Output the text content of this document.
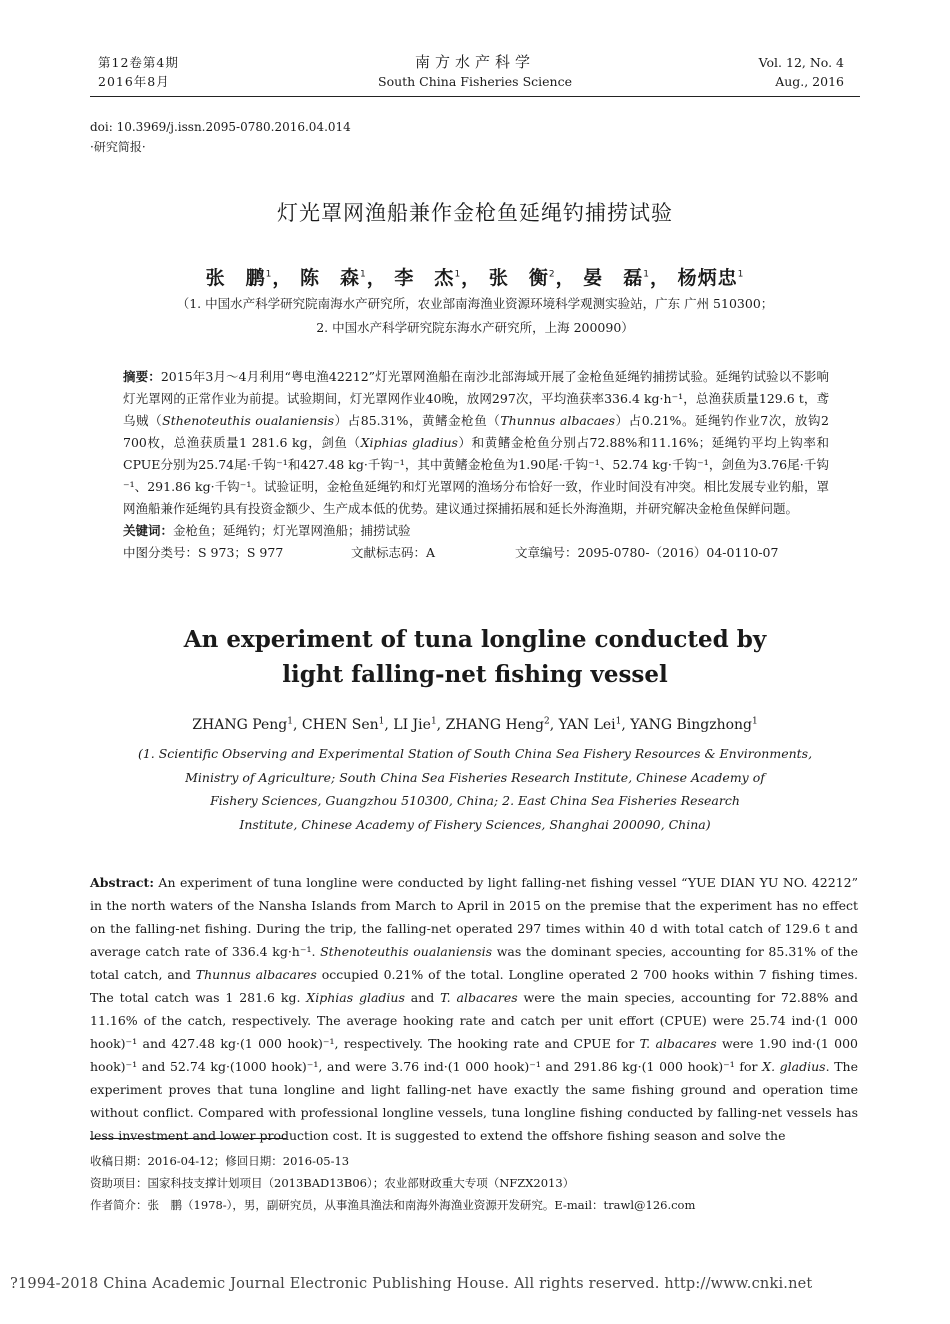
第12卷第4期
2016年8月
南方水产科学
South China Fisheries Science
Vol. 12, No. 4
Aug., 2016
doi: 10.3969/j.issn.2095-0780.2016.04.014
·研究简报·
灯光罩网渔船兼作金枪鱼延绳钓捕捞试验
张　鹏$^1$， 陈　森$^1$， 李　杰$^1$， 张　衡$^2$， 晏　磊$^1$， 杨炳忠$^1$
（1. 中国水产科学研究院南海水产研究所，农业部南海渔业资源环境科学观测实验站，广东 广州 510300；
2. 中国水产科学研究院东海水产研究所，上海 200090）

摘要：2015年3月～4月利用“粤电渔42212”灯光罩网渔船在南沙北部海域开展了金枪鱼延绳钓捕捞试验。延绳钓试验以不影响灯光罩网的正常作业为前提。试验期间，灯光罩网作业40晚，放网297次，平均渔获率336.4 kg·h⁻¹，总渔获质量129.6 t，鸢乌贼（Sthenoteuthis oualaniensis）占85.31%，黄鳍金枪鱼（Thunnus albacaes）占0.21%。延绳钓作业7次，放钩2 700枚，总渔获质量1 281.6 kg，剑鱼（Xiphias gladius）和黄鳍金枪鱼分别占72.88%和11.16%；延绳钓平均上钩率和CPUE分别为25.74尾·千钩⁻¹和427.48 kg·千钩⁻¹，其中黄鳍金枪鱼为1.90尾·千钩⁻¹、52.74 kg·千钩⁻¹，剑鱼为3.76尾·千钩⁻¹、291.86 kg·千钩⁻¹。试验证明，金枪鱼延绳钓和灯光罩网的渔场分布恰好一致，作业时间没有冲突。相比发展专业钓船，罩网渔船兼作延绳钓具有投资金额少、生产成本低的优势。建议通过探捕拓展和延长外海渔期，并研究解决金枪鱼保鲜问题。

关键词：金枪鱼；延绳钓；灯光罩网渔船；捕捞试验

中图分类号：S 973；S 977	文献标志码：A	文章编号：2095-0780-（2016）04-0110-07
An experiment of tuna longline conducted by
light falling-net fishing vessel
ZHANG Peng$^1$, CHEN Sen$^1$, LI Jie$^1$, ZHANG Heng$^2$, YAN Lei$^1$, YANG Bingzhong$^1$
(1. Scientific Observing and Experimental Station of South China Sea Fishery Resources & Environments,
Ministry of Agriculture; South China Sea Fisheries Research Institute, Chinese Academy of
Fishery Sciences, Guangzhou 510300, China; 2. East China Sea Fisheries Research
Institute, Chinese Academy of Fishery Sciences, Shanghai 200090, China)

Abstract: An experiment of tuna longline were conducted by light falling-net fishing vessel “YUE DIAN YU NO. 42212” in the north waters of the Nansha Islands from March to April in 2015 on the premise that the experiment has no effect on the falling-net fishing. During the trip, the falling-net operated 297 times within 40 d with total catch of 129.6 t and average catch rate of 336.4 kg·h⁻¹. Sthenoteuthis oualaniensis was the dominant species, accounting for 85.31% of the total catch, and Thunnus albacares occupied 0.21% of the total. Longline operated 2 700 hooks within 7 fishing times. The total catch was 1 281.6 kg. Xiphias gladius and T. albacares were the main species, accounting for 72.88% and 11.16% of the catch, respectively. The average hooking rate and catch per unit effort (CPUE) were 25.74 ind·(1 000 hook)⁻¹ and 427.48 kg·(1 000 hook)⁻¹, respectively. The hooking rate and CPUE for T. albacares were 1.90 ind·(1 000 hook)⁻¹ and 52.74 kg·(1000 hook)⁻¹, and were 3.76 ind·(1 000 hook)⁻¹ and 291.86 kg·(1 000 hook)⁻¹ for X. gladius. The experiment proves that tuna longline and light falling-net have exactly the same fishing ground and operation time without conflict. Compared with professional longline vessels, tuna longline fishing conducted by falling-net vessels has less investment and lower production cost. It is suggested to extend the offshore fishing season and solve the

收稿日期：2016-04-12；修回日期：2016-05-13
资助项目：国家科技支撑计划项目（2013BAD13B06）；农业部财政重大专项（NFZX2013）
作者简介：张　鹏（1978-），男，副研究员，从事渔具渔法和南海外海渔业资源开发研究。E-mail：trawl@126.com
?1994-2018 China Academic Journal Electronic Publishing House. All rights reserved. http://www.cnki.net
